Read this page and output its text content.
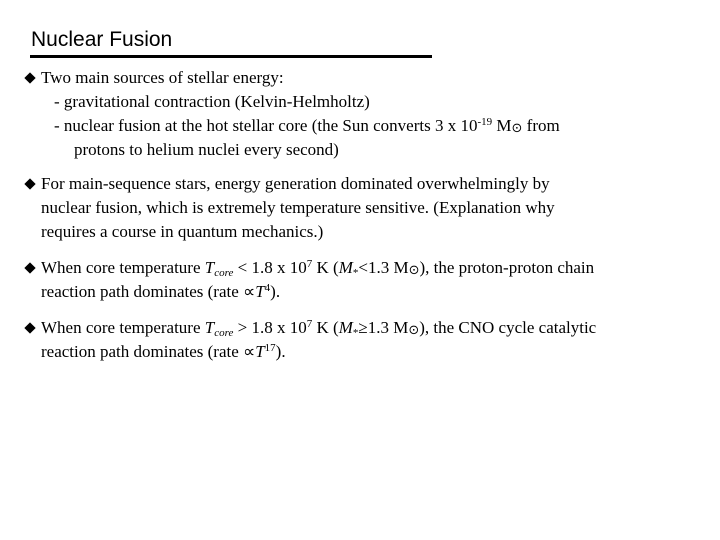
Nuclear Fusion
Two main sources of stellar energy:
- gravitational contraction (Kelvin-Helmholtz)
- nuclear fusion at the hot stellar core (the Sun converts 3 x $10^{-19}$ $M_⊙$ from
protons to helium nuclei every second)
For main-sequence stars, energy generation dominated overwhelmingly by
nuclear fusion, which is extremely temperature sensitive. (Explanation why
requires a course in quantum mechanics.)
When core temperature $T_{core} < 1.8$ x $10^7$ K ($M_*<1.3$ $M_⊙$), the proton-proton chain
reaction path dominates (rate $\propto T^4$).
When core temperature $T_{core} > 1.8$ x $10^7$ K ($M_*\ge 1.3$ $M_⊙$), the CNO cycle catalytic
reaction path dominates (rate $\propto T^{17}$).
